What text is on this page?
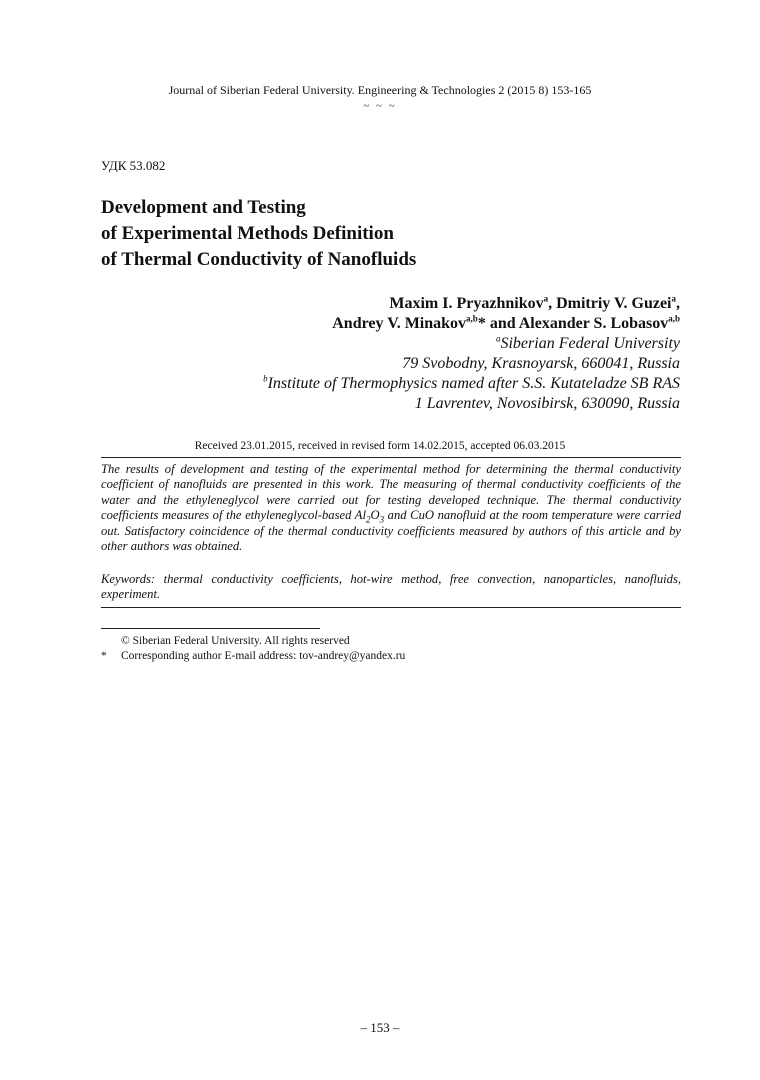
Journal of Siberian Federal University. Engineering & Technologies 2 (2015 8) 153-165
~ ~ ~
УДК 53.082
Development and Testing
of Experimental Methods Definition
of Thermal Conductivity of Nanofluids
Maxim I. Pryazhnikov$^a$, Dmitriy V. Guzei$^a$,
Andrey V. Minakov$^{a,b}$* and Alexander S. Lobasov$^{a,b}$
$^a$Siberian Federal University
79 Svobodny, Krasnoyarsk, 660041, Russia
$^b$Institute of Thermophysics named after S.S. Kutateladze SB RAS
1 Lavrentev, Novosibirsk, 630090, Russia
Received 23.01.2015, received in revised form 14.02.2015, accepted 06.03.2015

The results of development and testing of the experimental method for determining the thermal conductivity coefficient of nanofluids are presented in this work. The measuring of thermal conductivity coefficients of the water and the ethyleneglycol were carried out for testing developed technique. The thermal conductivity coefficients measures of the ethyleneglycol-based $Al_2O_3$ and CuO nanofluid at the room temperature were carried out. Satisfactory coincidence of the thermal conductivity coefficients measured by authors of this article and by other authors was obtained.

Keywords: thermal conductivity coefficients, hot-wire method, free convection, nanoparticles, nanofluids, experiment.

© Siberian Federal University. All rights reserved
*	Corresponding author E-mail address: tov-andrey@yandex.ru
– 153 –
